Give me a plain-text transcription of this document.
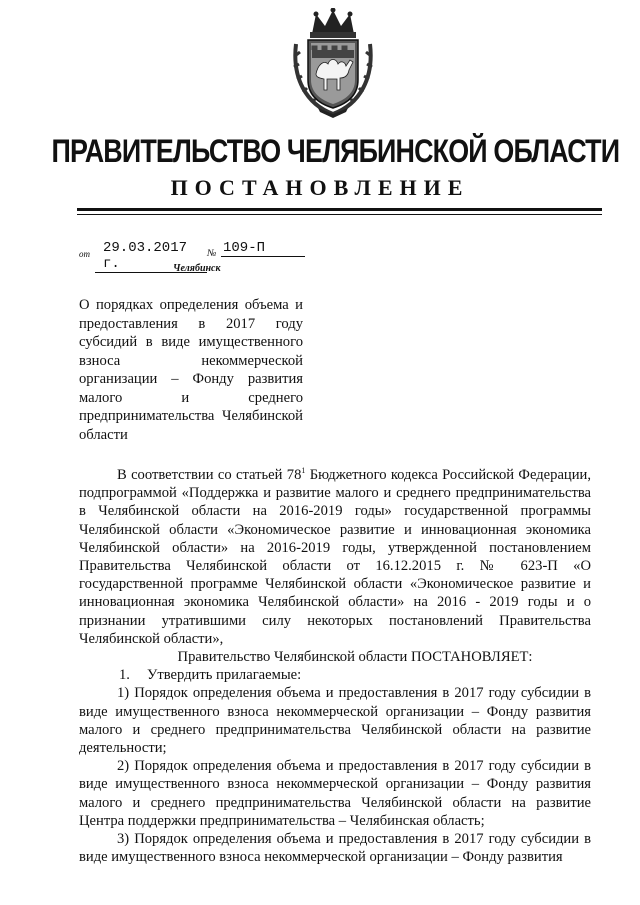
ПРАВИТЕЛЬСТВО ЧЕЛЯБИНСКОЙ ОБЛАСТИ
ПОСТАНОВЛЕНИЕ
от 29.03.2017 г.
№ 109-П
Челябинск
О порядках определения объема и предоставления в 2017 году субсидий в виде имущественного взноса некоммерческой организации – Фонду развития малого и среднего предпринимательства Челябинской области

В соответствии со статьей $78^1$ Бюджетного кодекса Российской Федерации, подпрограммой «Поддержка и развитие малого и среднего предпринимательства в Челябинской области на 2016-2019 годы» государственной программы Челябинской области «Экономическое развитие и инновационная экономика Челябинской области» на 2016-2019 годы, утвержденной постановлением Правительства Челябинской области от 16.12.2015 г. № 623-П «О государственной программе Челябинской области «Экономическое развитие и инновационная экономика Челябинской области» на 2016 - 2019 годы и о признании утратившими силу некоторых постановлений Правительства Челябинской области»,

Правительство Челябинской области ПОСТАНОВЛЯЕТ:

1. Утвердить прилагаемые:

1) Порядок определения объема и предоставления в 2017 году субсидии в виде имущественного взноса некоммерческой организации – Фонду развития малого и среднего предпринимательства Челябинской области на развитие деятельности;

2) Порядок определения объема и предоставления в 2017 году субсидии в виде имущественного взноса некоммерческой организации – Фонду развития малого и среднего предпринимательства Челябинской области на развитие Центра поддержки предпринимательства – Челябинская область;

3) Порядок определения объема и предоставления в 2017 году субсидии в виде имущественного взноса некоммерческой организации – Фонду развития
